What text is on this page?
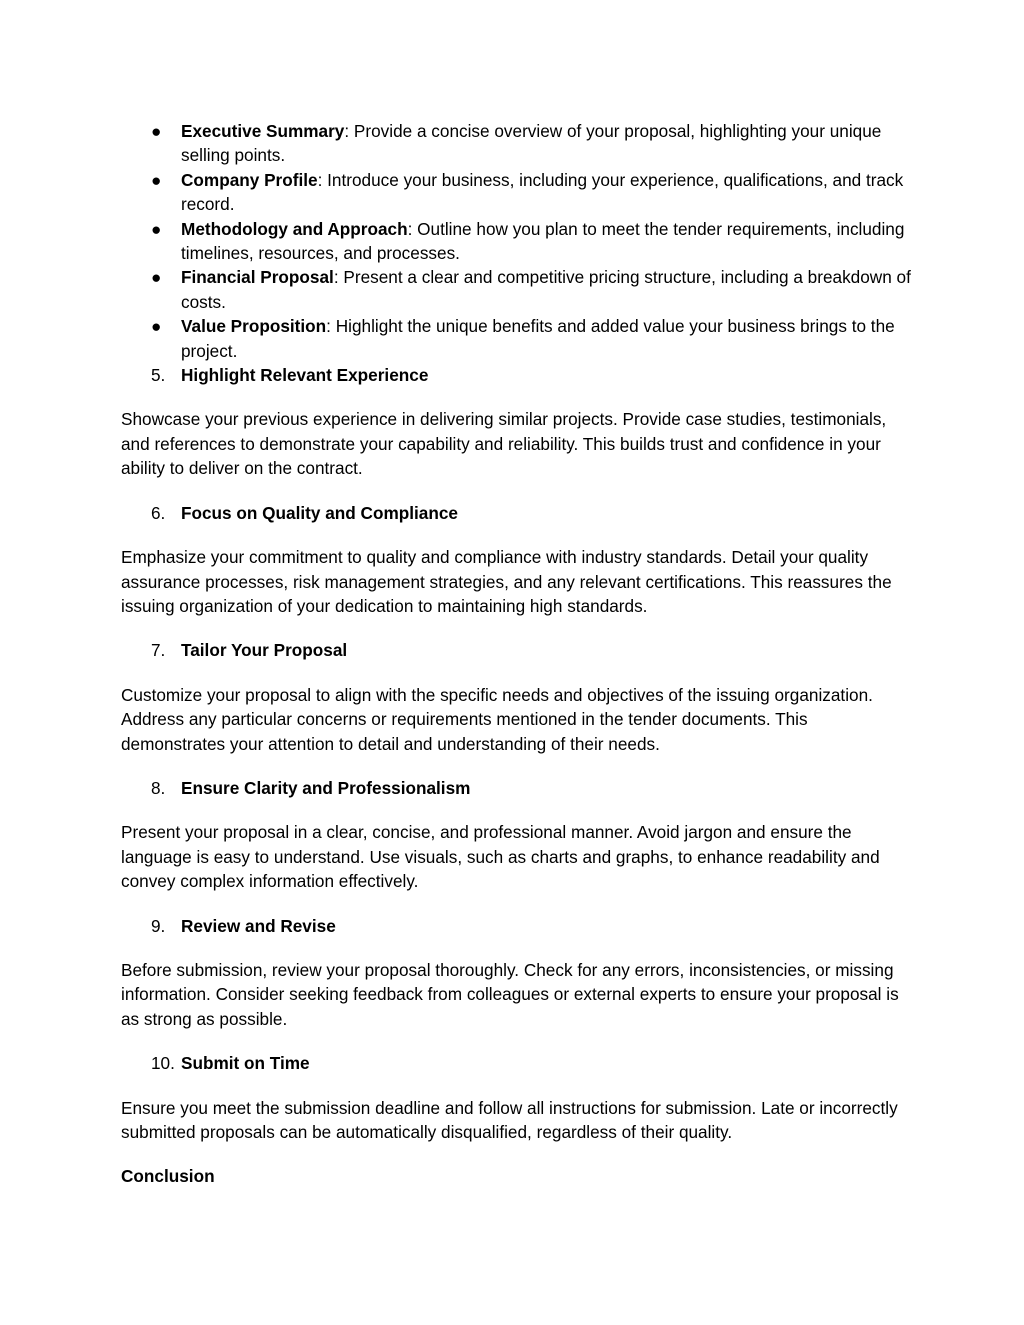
●	Executive Summary: Provide a concise overview of your proposal, highlighting your unique selling points.
●	Company Profile: Introduce your business, including your experience, qualifications, and track record.
●	Methodology and Approach: Outline how you plan to meet the tender requirements, including timelines, resources, and processes.
●	Financial Proposal: Present a clear and competitive pricing structure, including a breakdown of costs.
●	Value Proposition: Highlight the unique benefits and added value your business brings to the project.
5. Highlight Relevant Experience

Showcase your previous experience in delivering similar projects. Provide case studies, testimonials, and references to demonstrate your capability and reliability. This builds trust and confidence in your ability to deliver on the contract.

6. Focus on Quality and Compliance

Emphasize your commitment to quality and compliance with industry standards. Detail your quality assurance processes, risk management strategies, and any relevant certifications. This reassures the issuing organization of your dedication to maintaining high standards.

7. Tailor Your Proposal

Customize your proposal to align with the specific needs and objectives of the issuing organization. Address any particular concerns or requirements mentioned in the tender documents. This demonstrates your attention to detail and understanding of their needs.

8. Ensure Clarity and Professionalism

Present your proposal in a clear, concise, and professional manner. Avoid jargon and ensure the language is easy to understand. Use visuals, such as charts and graphs, to enhance readability and convey complex information effectively.

9. Review and Revise

Before submission, review your proposal thoroughly. Check for any errors, inconsistencies, or missing information. Consider seeking feedback from colleagues or external experts to ensure your proposal is as strong as possible.

10. Submit on Time

Ensure you meet the submission deadline and follow all instructions for submission. Late or incorrectly submitted proposals can be automatically disqualified, regardless of their quality.

Conclusion
